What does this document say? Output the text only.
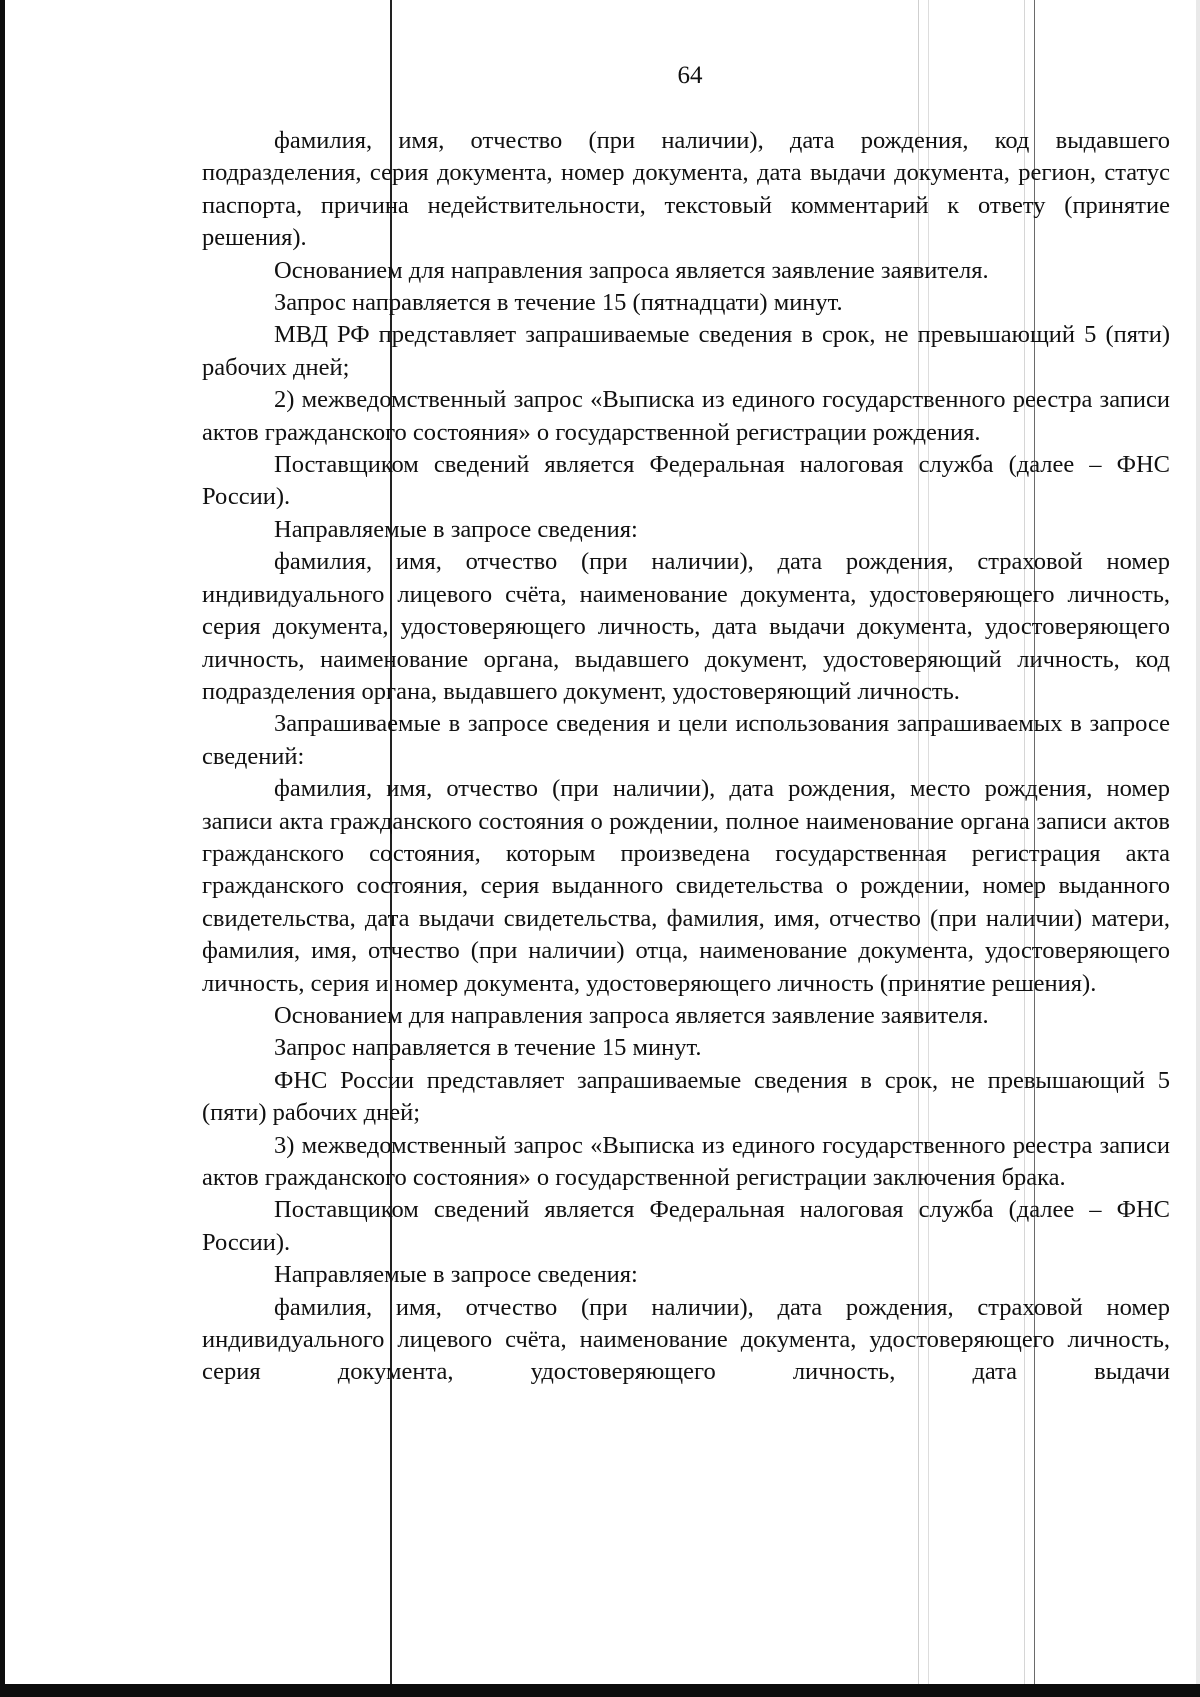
64

фамилия, имя, отчество (при наличии), дата рождения, код выдавшего подразделения, серия документа, номер документа, дата выдачи документа, регион, статус паспорта, причина недействительности, текстовый комментарий к ответу (принятие решения).

Основанием для направления запроса является заявление заявителя.

Запрос направляется в течение 15 (пятнадцати) минут.

МВД РФ представляет запрашиваемые сведения в срок, не превышающий 5 (пяти) рабочих дней;

2) межведомственный запрос «Выписка из единого государственного реестра записи актов гражданского состояния» о государственной регистрации рождения.

Поставщиком сведений является Федеральная налоговая служба (далее – ФНС России).

Направляемые в запросе сведения:

фамилия, имя, отчество (при наличии), дата рождения, страховой номер индивидуального лицевого счёта, наименование документа, удостоверяющего личность, серия документа, удостоверяющего личность, дата выдачи документа, удостоверяющего личность, наименование органа, выдавшего документ, удостоверяющий личность, код подразделения органа, выдавшего документ, удостоверяющий личность.

Запрашиваемые в запросе сведения и цели использования запрашиваемых в запросе сведений:

фамилия, имя, отчество (при наличии), дата рождения, место рождения, номер записи акта гражданского состояния о рождении, полное наименование органа записи актов гражданского состояния, которым произведена государственная регистрация акта гражданского состояния, серия выданного свидетельства о рождении, номер выданного свидетельства, дата выдачи свидетельства, фамилия, имя, отчество (при наличии) матери, фамилия, имя, отчество (при наличии) отца, наименование документа, удостоверяющего личность, серия и номер документа, удостоверяющего личность (принятие решения).

Основанием для направления запроса является заявление заявителя.

Запрос направляется в течение 15 минут.

ФНС России представляет запрашиваемые сведения в срок, не превышающий 5 (пяти) рабочих дней;

3) межведомственный запрос «Выписка из единого государственного реестра записи актов гражданского состояния» о государственной регистрации заключения брака.

Поставщиком сведений является Федеральная налоговая служба (далее – ФНС России).

Направляемые в запросе сведения:

фамилия, имя, отчество (при наличии), дата рождения, страховой номер индивидуального лицевого счёта, наименование документа, удостоверяющего личность, серия документа, удостоверяющего личность, дата выдачи
